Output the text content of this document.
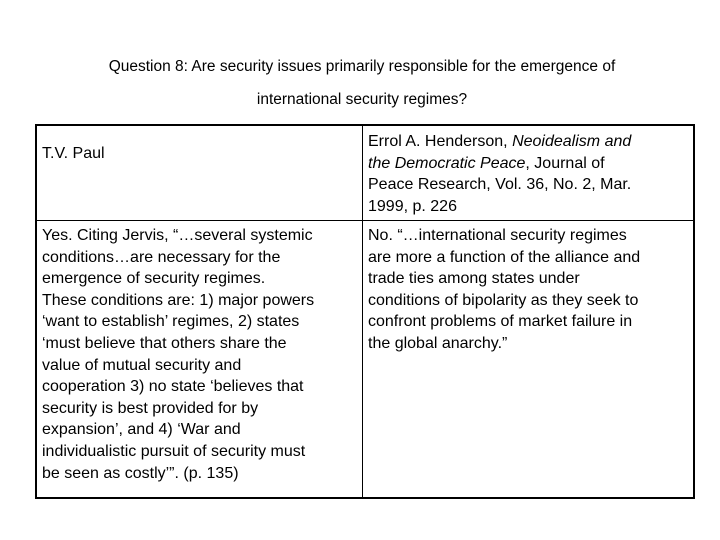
Question 8: Are security issues primarily responsible for the emergence of
international security regimes?
T.V. Paul
Errol A. Henderson, Neoidealism and
the Democratic Peace, Journal of
Peace Research, Vol. 36, No. 2, Mar.
1999, p. 226
Yes. Citing Jervis, “…several systemic
conditions…are necessary for the
emergence of security regimes.
These conditions are: 1) major powers
‘want to establish’ regimes, 2) states
‘must believe that others share the
value of mutual security and
cooperation 3) no state ‘believes that
security is best provided for by
expansion’, and 4) ‘War and
individualistic pursuit of security must
be seen as costly’”. (p. 135)
No. “…international security regimes
are more a function of the alliance and
trade ties among states under
conditions of bipolarity as they seek to
confront problems of market failure in
the global anarchy.”
